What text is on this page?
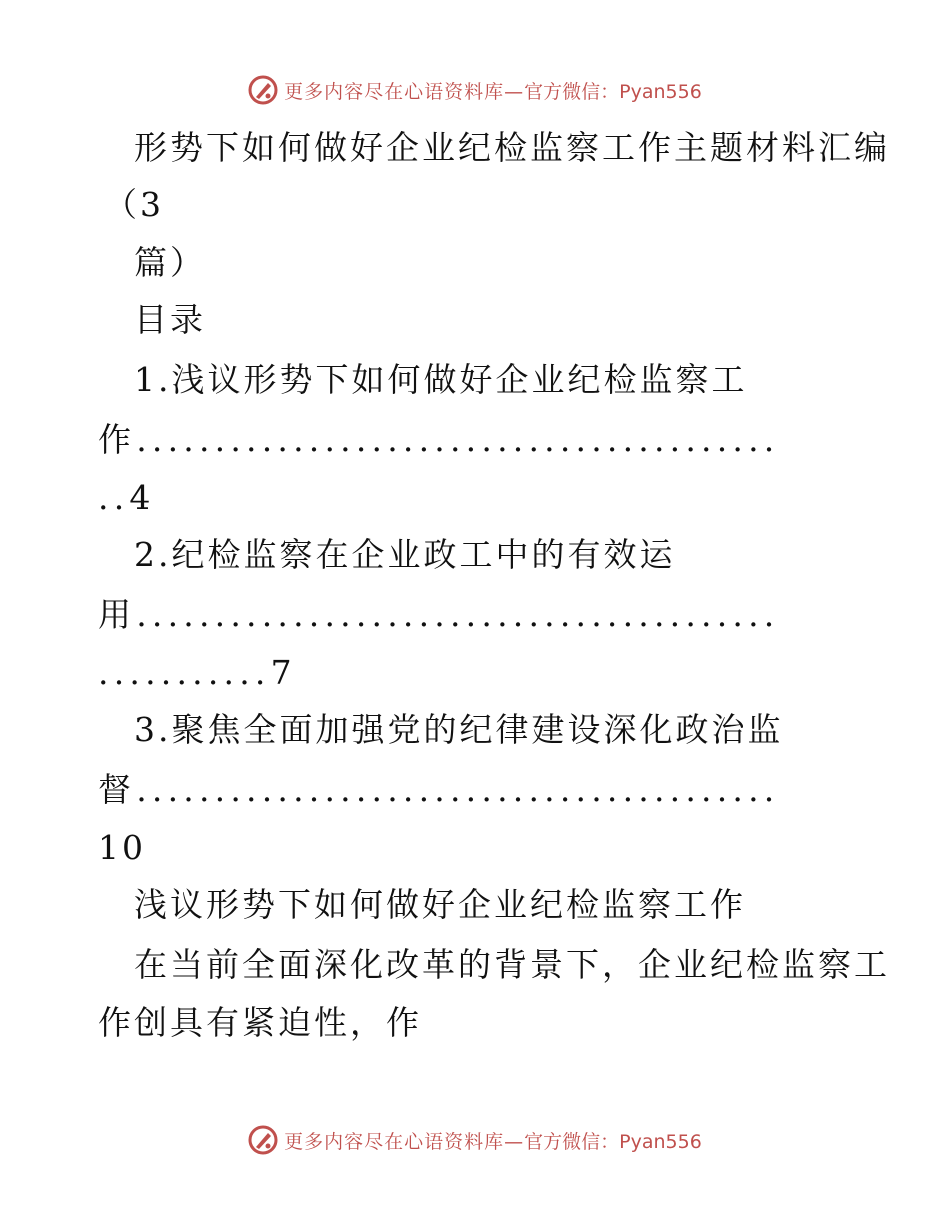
更多内容尽在心语资料库— 官方微信：Pyan556
形势下如何做好企业纪检监察工作主题材料汇编
（3
篇）
目录
1.浅议形势下如何做好企业纪检监察工
作.........................................
..4
2.纪检监察在企业政工中的有效运
用.........................................
...........7
3.聚焦全面加强党的纪律建设深化政治监
督.........................................
10
浅议形势下如何做好企业纪检监察工作
在当前全面深化改革的背景下，企业纪检监察工
作创具有紧迫性，作
更多内容尽在心语资料库— 官方微信：Pyan556
